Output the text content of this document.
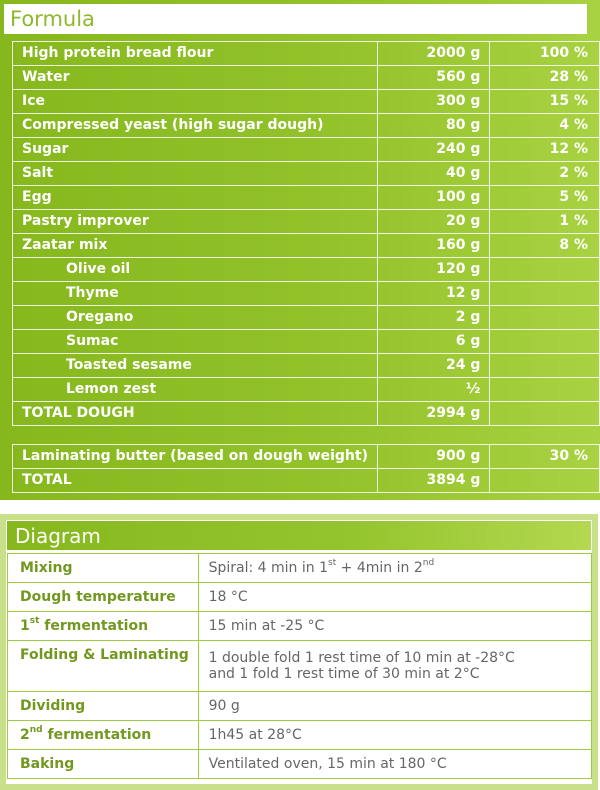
Formula
High protein bread flour	2000 g	100 %
Water	560 g	28 %
Ice	300 g	15 %
Compressed yeast (high sugar dough)	80 g	4 %
Sugar	240 g	12 %
Salt	40 g	2 %
Egg	100 g	5 %
Pastry improver	20 g	1 %
Zaatar mix	160 g	8 %
Olive oil	120 g	
Thyme	12 g	
Oregano	2 g	
Sumac	6 g	
Toasted sesame	24 g	
Lemon zest	½	
TOTAL DOUGH	2994 g	
Laminating butter (based on dough weight)	900 g	30 %
TOTAL	3894 g	
Diagram
Mixing	Spiral: 4 min in 1st + 4min in 2nd
Dough temperature	18 °C
1st fermentation	15 min at -25 °C
Folding & Laminating	1 double fold 1 rest time of 10 min at -28°C
and 1 fold 1 rest time of 30 min at 2°C

Dividing	90 g
2nd fermentation	1h45 at 28°C
Baking	Ventilated oven, 15 min at 180 °C
